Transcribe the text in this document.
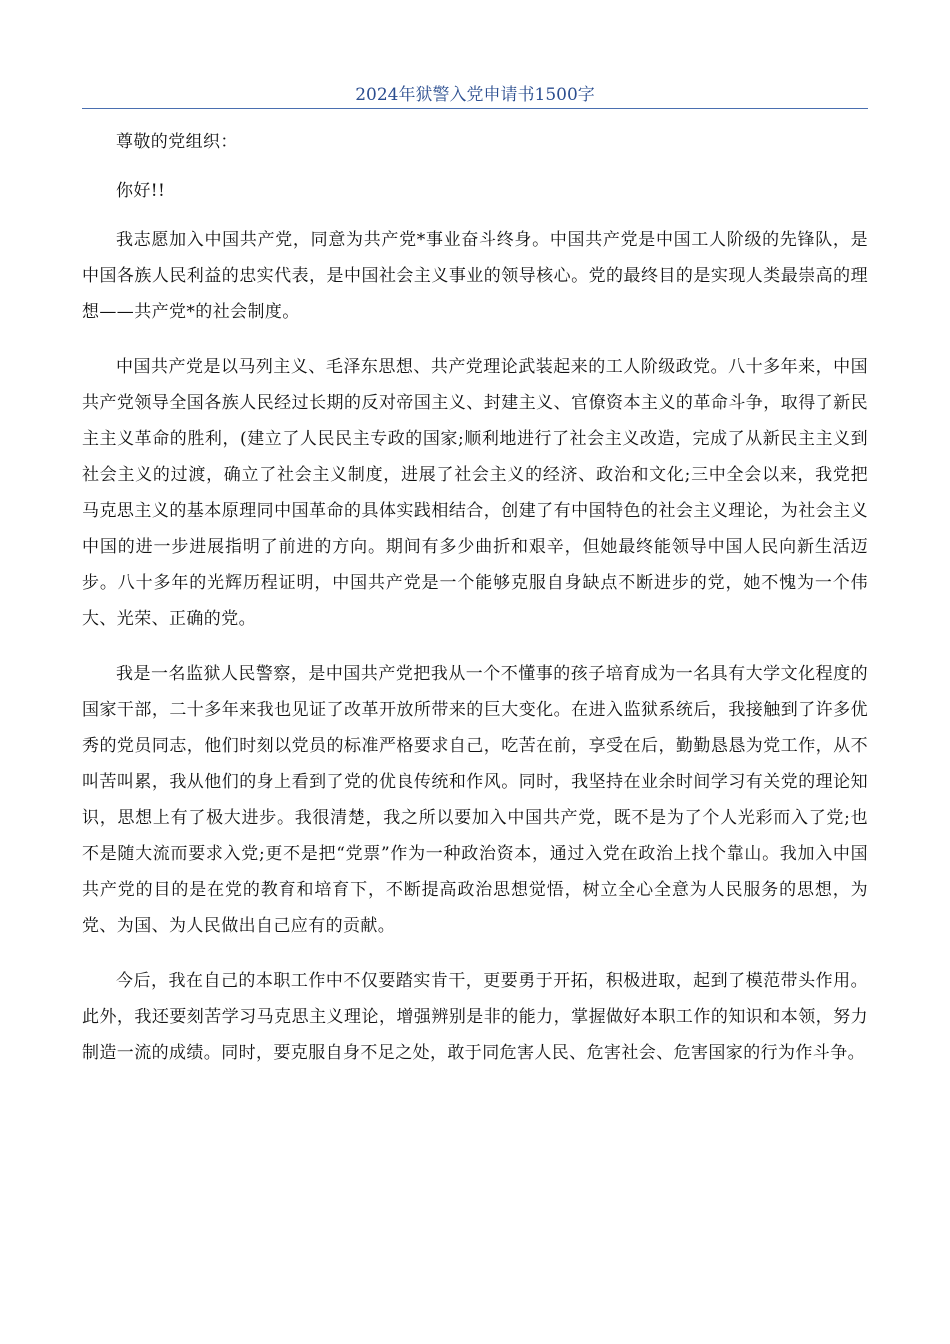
2024年狱警入党申请书1500字

尊敬的党组织：

你好!!

我志愿加入中国共产党，同意为共产党*事业奋斗终身。中国共产党是中国工人阶级的先锋队，是中国各族人民利益的忠实代表，是中国社会主义事业的领导核心。党的最终目的是实现人类最崇高的理想——共产党*的社会制度。

中国共产党是以马列主义、毛泽东思想、共产党理论武装起来的工人阶级政党。八十多年来，中国共产党领导全国各族人民经过长期的反对帝国主义、封建主义、官僚资本主义的革命斗争，取得了新民主主义革命的胜利，(建立了人民民主专政的国家;顺利地进行了社会主义改造，完成了从新民主主义到社会主义的过渡，确立了社会主义制度，进展了社会主义的经济、政治和文化;三中全会以来，我党把马克思主义的基本原理同中国革命的具体实践相结合，创建了有中国特色的社会主义理论，为社会主义中国的进一步进展指明了前进的方向。期间有多少曲折和艰辛，但她最终能领导中国人民向新生活迈步。八十多年的光辉历程证明，中国共产党是一个能够克服自身缺点不断进步的党，她不愧为一个伟大、光荣、正确的党。

我是一名监狱人民警察，是中国共产党把我从一个不懂事的孩子培育成为一名具有大学文化程度的国家干部，二十多年来我也见证了改革开放所带来的巨大变化。在进入监狱系统后，我接触到了许多优秀的党员同志，他们时刻以党员的标准严格要求自己，吃苦在前，享受在后，勤勤恳恳为党工作，从不叫苦叫累，我从他们的身上看到了党的优良传统和作风。同时，我坚持在业余时间学习有关党的理论知识，思想上有了极大进步。我很清楚，我之所以要加入中国共产党，既不是为了个人光彩而入了党;也不是随大流而要求入党;更不是把“党票”作为一种政治资本，通过入党在政治上找个靠山。我加入中国共产党的目的是在党的教育和培育下，不断提高政治思想觉悟，树立全心全意为人民服务的思想，为党、为国、为人民做出自己应有的贡献。

今后，我在自己的本职工作中不仅要踏实肯干，更要勇于开拓，积极进取，起到了模范带头作用。此外，我还要刻苦学习马克思主义理论，增强辨别是非的能力，掌握做好本职工作的知识和本领，努力制造一流的成绩。同时，要克服自身不足之处，敢于同危害人民、危害社会、危害国家的行为作斗争。
